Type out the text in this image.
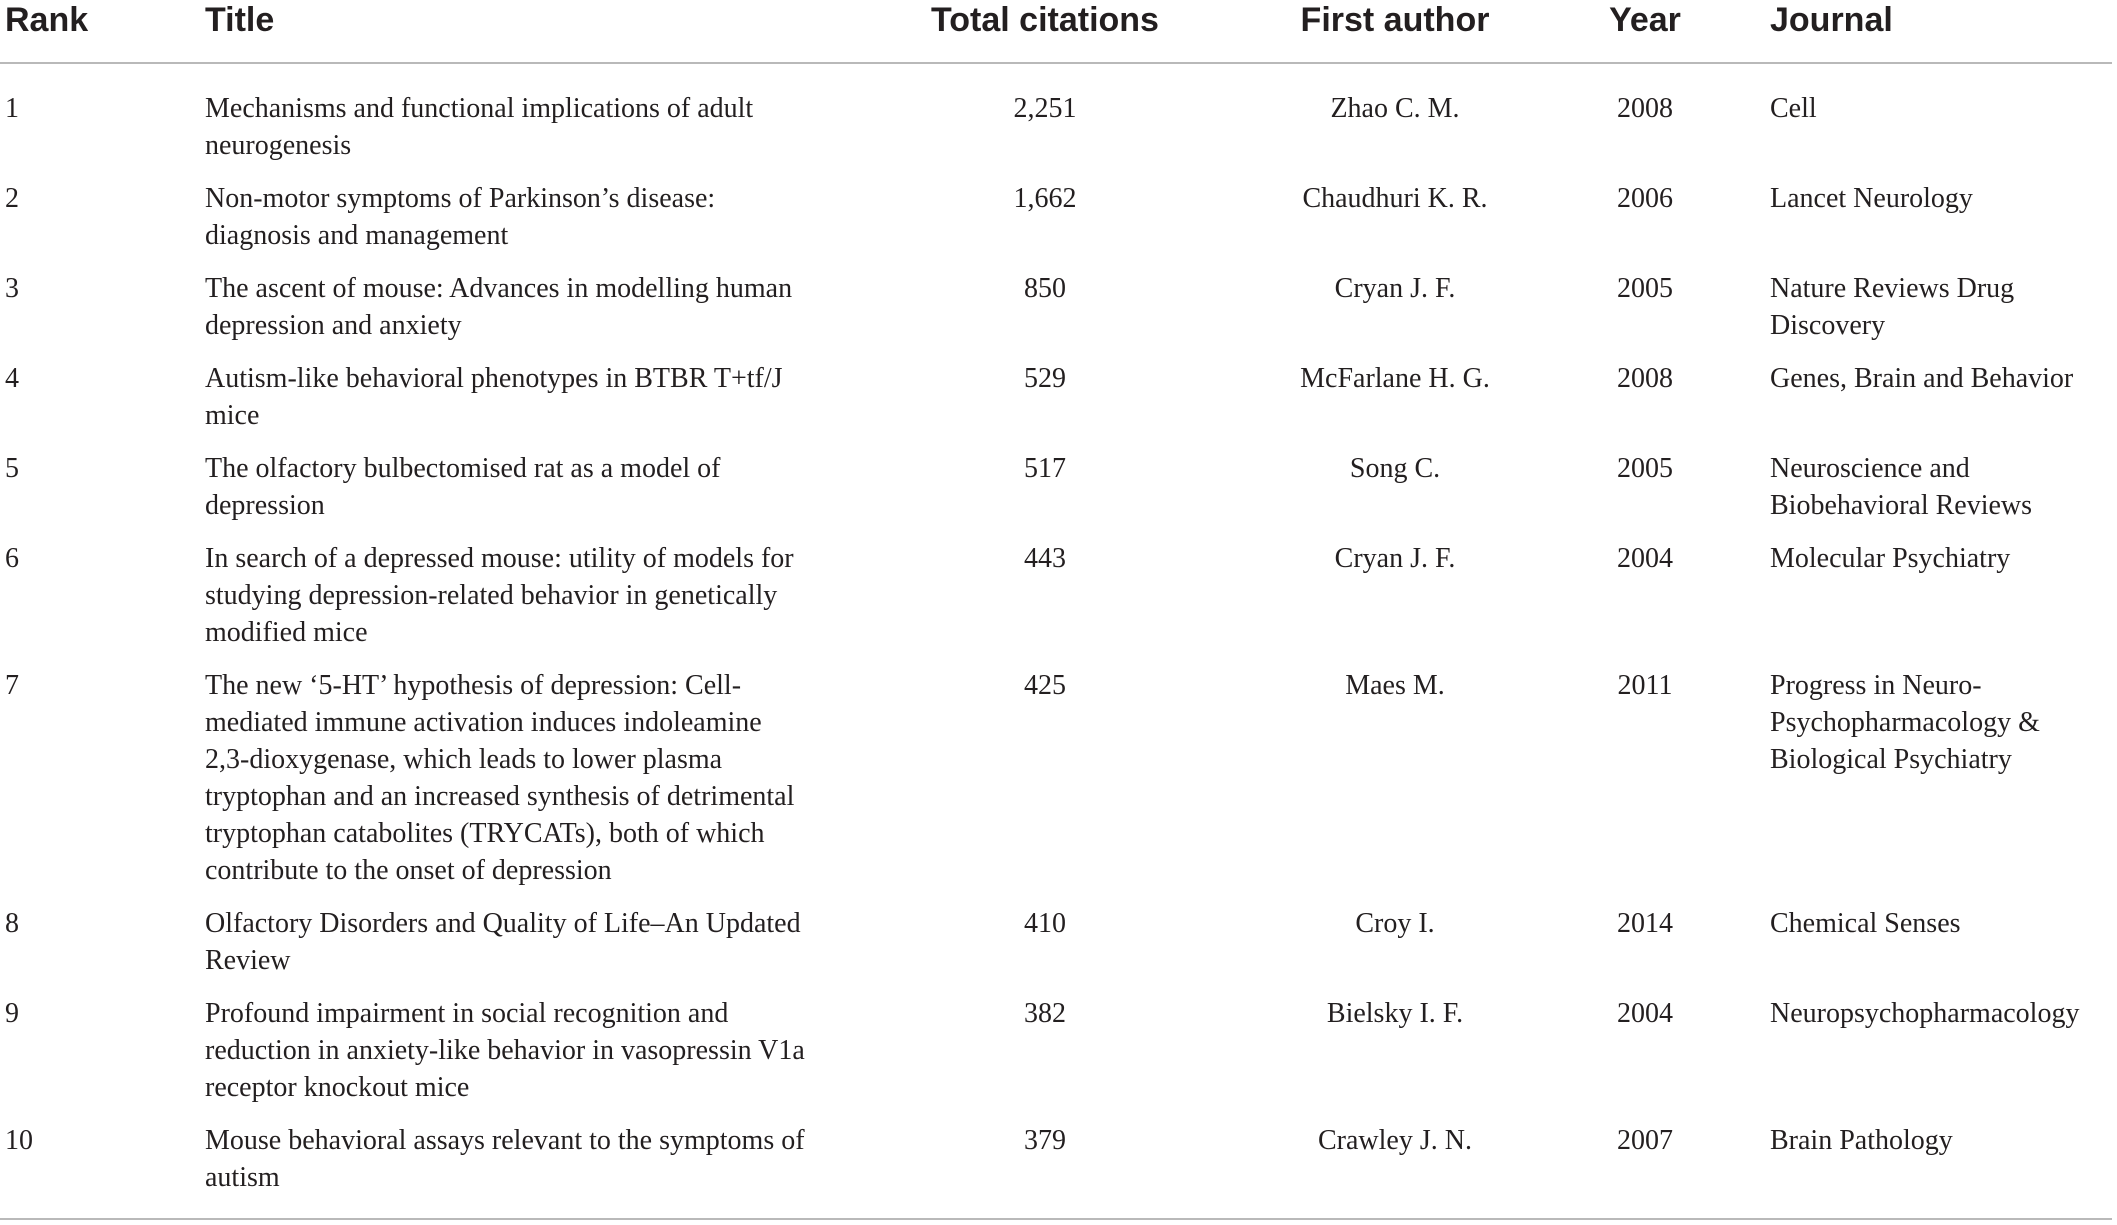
Rank	Title	Total citations	First author	Year	Journal
1	Mechanisms and functional implications of adult neurogenesis	2,251	Zhao C. M.	2008	Cell
2	Non-motor symptoms of Parkinson’s disease: diagnosis and management	1,662	Chaudhuri K. R.	2006	Lancet Neurology
3	The ascent of mouse: Advances in modelling human depression and anxiety	850	Cryan J. F.	2005	Nature Reviews Drug Discovery
4	Autism-like behavioral phenotypes in BTBR T+tf/J mice	529	McFarlane H. G.	2008	Genes, Brain and Behavior
5	The olfactory bulbectomised rat as a model of depression	517	Song C.	2005	Neuroscience and Biobehavioral Reviews
6	In search of a depressed mouse: utility of models for studying depression-related behavior in genetically modified mice	443	Cryan J. F.	2004	Molecular Psychiatry
7	The new ‘5-HT’ hypothesis of depression: Cell-mediated immune activation induces indoleamine 2,3-dioxygenase, which leads to lower plasma tryptophan and an increased synthesis of detrimental tryptophan catabolites (TRYCATs), both of which contribute to the onset of depression	425	Maes M.	2011	Progress in Neuro-Psychopharmacology & Biological Psychiatry
8	Olfactory Disorders and Quality of Life–An Updated Review	410	Croy I.	2014	Chemical Senses
9	Profound impairment in social recognition and reduction in anxiety-like behavior in vasopressin V1a receptor knockout mice	382	Bielsky I. F.	2004	Neuropsychopharmacology
10	Mouse behavioral assays relevant to the symptoms of autism	379	Crawley J. N.	2007	Brain Pathology
